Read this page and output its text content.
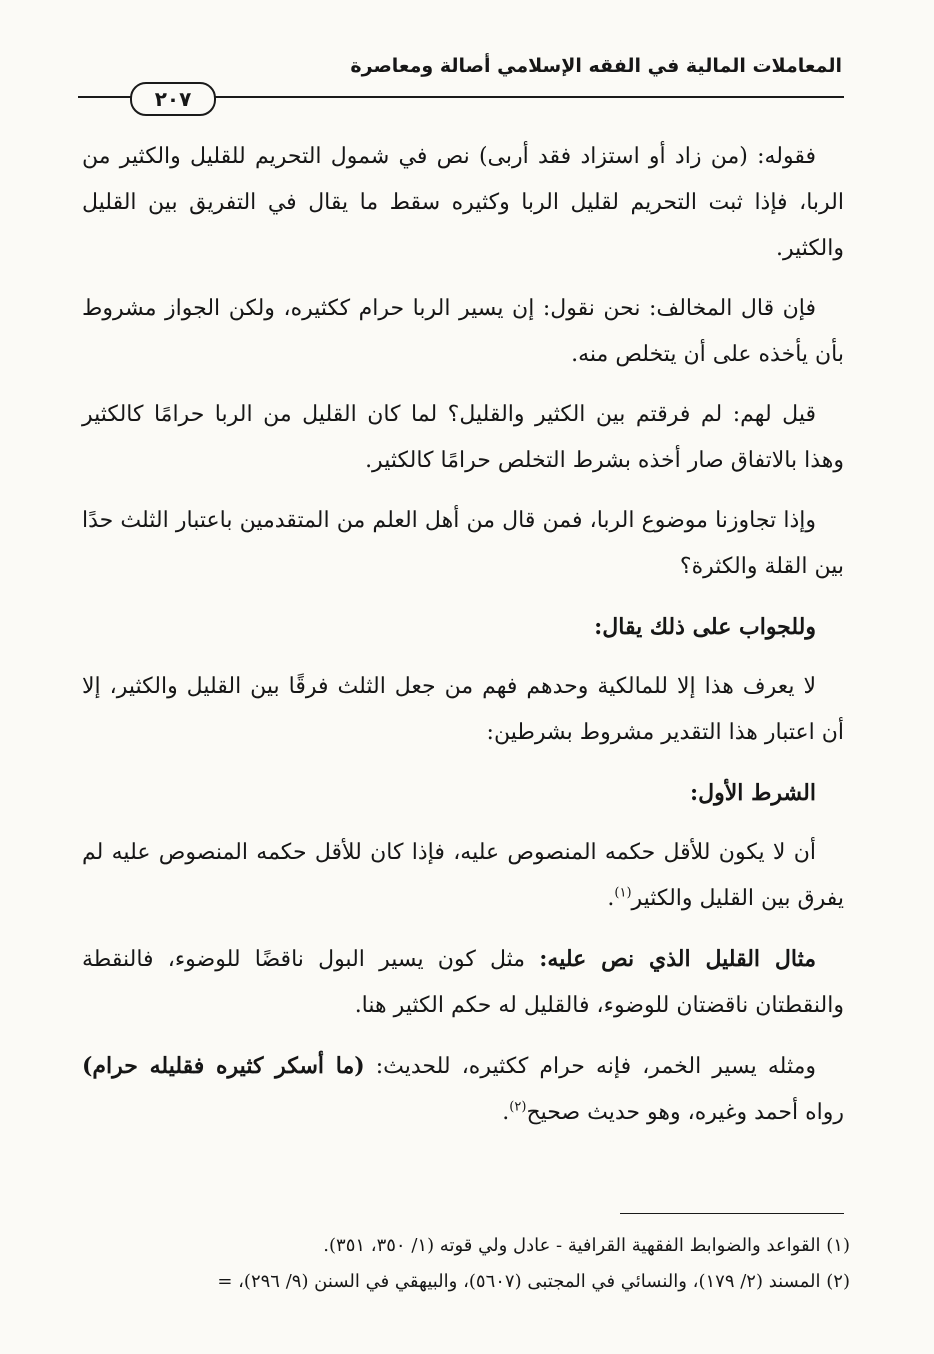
المعاملات المالية في الفقه الإسلامي أصالة ومعاصرة
٢٠٧

فقوله: (من زاد أو استزاد فقد أربى) نص في شمول التحريم للقليل والكثير من الربا، فإذا ثبت التحريم لقليل الربا وكثيره سقط ما يقال في التفريق بين القليل والكثير.

فإن قال المخالف: نحن نقول: إن يسير الربا حرام ككثيره، ولكن الجواز مشروط بأن يأخذه على أن يتخلص منه.

قيل لهم: لم فرقتم بين الكثير والقليل؟ لما كان القليل من الربا حرامًا كالكثير وهذا بالاتفاق صار أخذه بشرط التخلص حرامًا كالكثير.

وإذا تجاوزنا موضوع الربا، فمن قال من أهل العلم من المتقدمين باعتبار الثلث حدًا بين القلة والكثرة؟

وللجواب على ذلك يقال:

لا يعرف هذا إلا للمالكية وحدهم فهم من جعل الثلث فرقًا بين القليل والكثير، إلا أن اعتبار هذا التقدير مشروط بشرطين:

الشرط الأول:

أن لا يكون للأقل حكمه المنصوص عليه، فإذا كان للأقل حكمه المنصوص عليه لم يفرق بين القليل والكثير$^{(١)}$.

مثال القليل الذي نص عليه: مثل كون يسير البول ناقضًا للوضوء، فالنقطة والنقطتان ناقضتان للوضوء، فالقليل له حكم الكثير هنا.

ومثله يسير الخمر، فإنه حرام ككثيره، للحديث: (ما أسكر كثيره فقليله حرام) رواه أحمد وغيره، وهو حديث صحيح$^{(٢)}$.

(١) القواعد والضوابط الفقهية القرافية - عادل ولي قوته (١/ ٣٥٠، ٣٥١).

(٢) المسند (٢/ ١٧٩)، والنسائي في المجتبى (٥٦٠٧)، والبيهقي في السنن (٩/ ٢٩٦)، =
